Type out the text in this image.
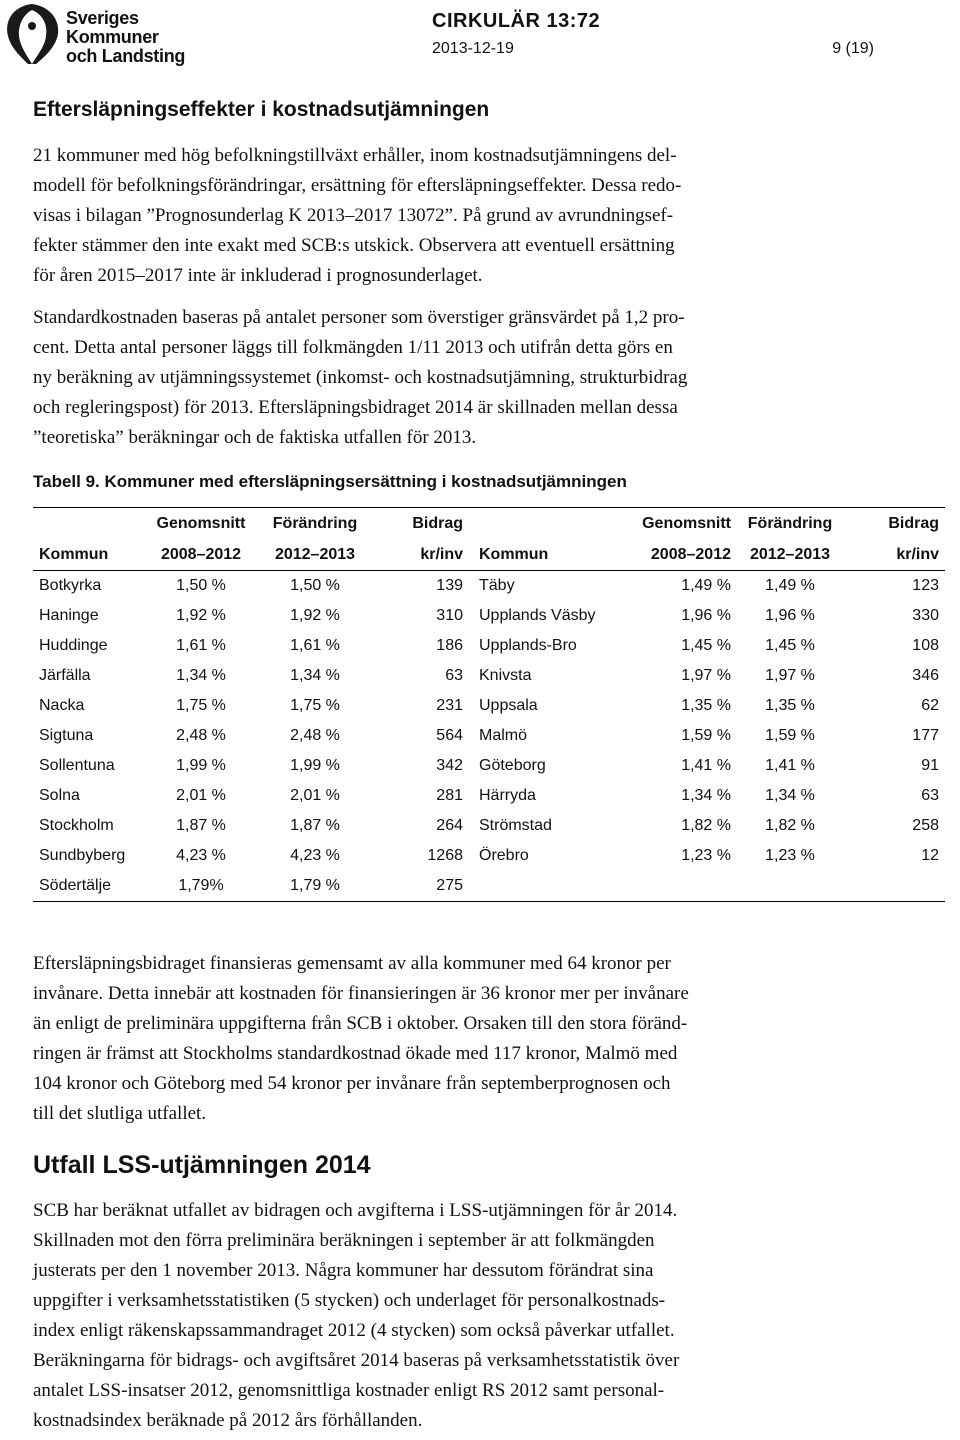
Sveriges
Kommuner
och Landsting
CIRKULÄR 13:72
2013-12-19	9 (19)
Eftersläpningseffekter i kostnadsutjämningen
21 kommuner med hög befolkningstillväxt erhåller, inom kostnadsutjämningens del-
modell för befolkningsförändringar, ersättning för eftersläpningseffekter. Dessa redo-
visas i bilagan ”Prognosunderlag K 2013–2017 13072”. På grund av avrundningsef-
fekter stämmer den inte exakt med SCB:s utskick. Observera att eventuell ersättning
för åren 2015–2017 inte är inkluderad i prognosunderlaget.
Standardkostnaden baseras på antalet personer som överstiger gränsvärdet på 1,2 pro-
cent. Detta antal personer läggs till folkmängden 1/11 2013 och utifrån detta görs en
ny beräkning av utjämningssystemet (inkomst- och kostnadsutjämning, strukturbidrag
och regleringspost) för 2013. Eftersläpningsbidraget 2014 är skillnaden mellan dessa
”teoretiska” beräkningar och de faktiska utfallen för 2013.
Tabell 9. Kommuner med eftersläpningsersättning i kostnadsutjämningen
	Genomsnitt	Förändring	Bidrag		Genomsnitt	Förändring	Bidrag
Kommun	2008–2012	2012–2013	kr/inv	Kommun	2008–2012	2012–2013	kr/inv
Botkyrka	1,50 %	1,50 %	139	Täby	1,49 %	1,49 %	123
Haninge	1,92 %	1,92 %	310	Upplands Väsby	1,96 %	1,96 %	330
Huddinge	1,61 %	1,61 %	186	Upplands-Bro	1,45 %	1,45 %	108
Järfälla	1,34 %	1,34 %	63	Knivsta	1,97 %	1,97 %	346
Nacka	1,75 %	1,75 %	231	Uppsala	1,35 %	1,35 %	62
Sigtuna	2,48 %	2,48 %	564	Malmö	1,59 %	1,59 %	177
Sollentuna	1,99 %	1,99 %	342	Göteborg	1,41 %	1,41 %	91
Solna	2,01 %	2,01 %	281	Härryda	1,34 %	1,34 %	63
Stockholm	1,87 %	1,87 %	264	Strömstad	1,82 %	1,82 %	258
Sundbyberg	4,23 %	4,23 %	1268	Örebro	1,23 %	1,23 %	12
Södertälje	1,79%	1,79 %	275				
Eftersläpningsbidraget finansieras gemensamt av alla kommuner med 64 kronor per
invånare. Detta innebär att kostnaden för finansieringen är 36 kronor mer per invånare
än enligt de preliminära uppgifterna från SCB i oktober. Orsaken till den stora föränd-
ringen är främst att Stockholms standardkostnad ökade med 117 kronor, Malmö med
104 kronor och Göteborg med 54 kronor per invånare från septemberprognosen och
till det slutliga utfallet.
Utfall LSS-utjämningen 2014
SCB har beräknat utfallet av bidragen och avgifterna i LSS-utjämningen för år 2014.
Skillnaden mot den förra preliminära beräkningen i september är att folkmängden
justerats per den 1 november 2013. Några kommuner har dessutom förändrat sina
uppgifter i verksamhetsstatistiken (5 stycken) och underlaget för personalkostnads-
index enligt räkenskapssammandraget 2012 (4 stycken) som också påverkar utfallet.
Beräkningarna för bidrags- och avgiftsåret 2014 baseras på verksamhetsstatistik över
antalet LSS-insatser 2012, genomsnittliga kostnader enligt RS 2012 samt personal-
kostnadsindex beräknade på 2012 års förhållanden.
